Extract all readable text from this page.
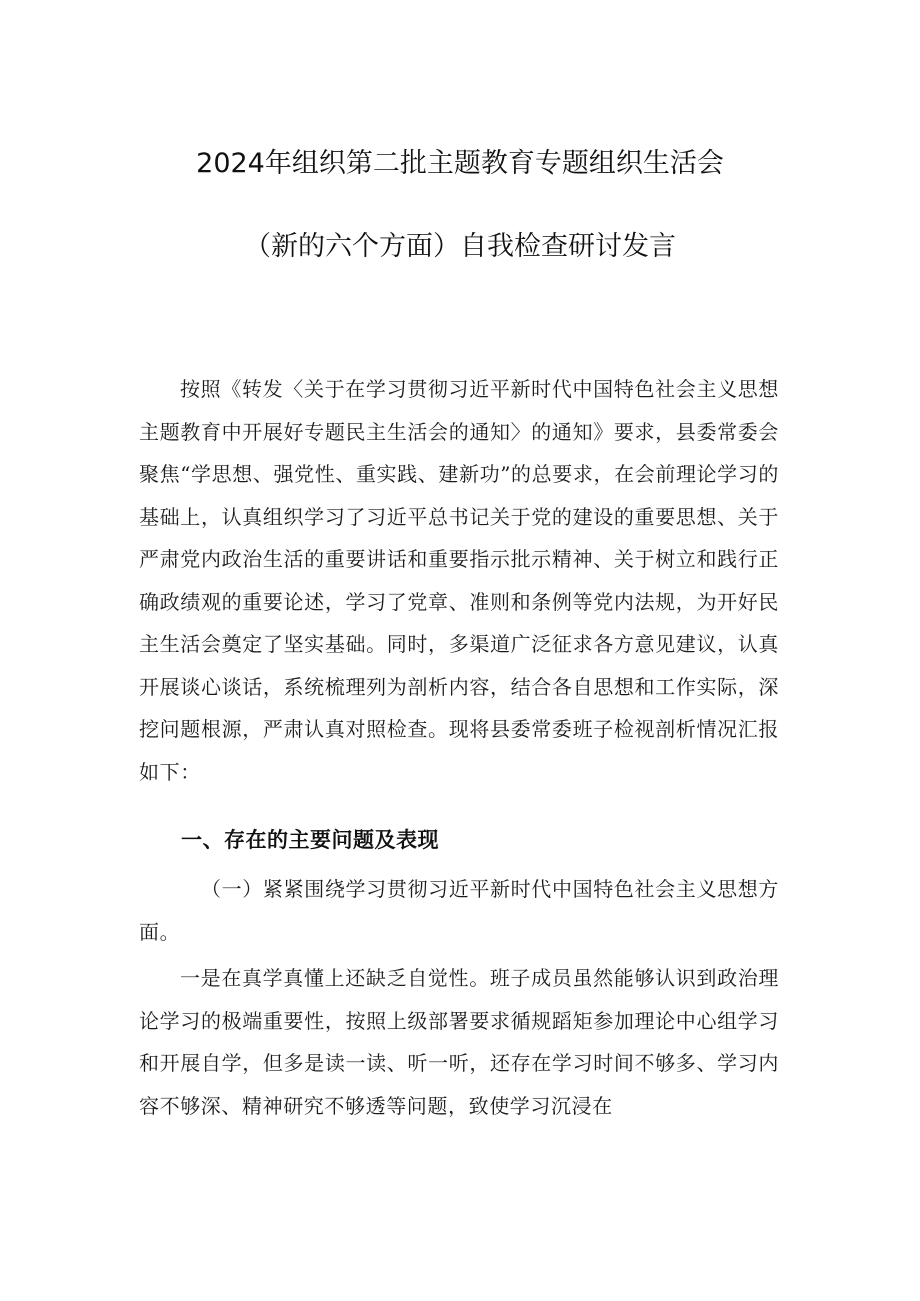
2024年组织第二批主题教育专题组织生活会
（新的六个方面）自我检查研讨发言

按照《转发〈关于在学习贯彻习近平新时代中国特色社会主义思想主题教育中开展好专题民主生活会的通知〉的通知》要求，县委常委会聚焦“学思想、强党性、重实践、建新功”的总要求，在会前理论学习的基础上，认真组织学习了习近平总书记关于党的建设的重要思想、关于严肃党内政治生活的重要讲话和重要指示批示精神、关于树立和践行正确政绩观的重要论述，学习了党章、准则和条例等党内法规，为开好民主生活会奠定了坚实基础。同时，多渠道广泛征求各方意见建议，认真开展谈心谈话，系统梳理列为剖析内容，结合各自思想和工作实际，深挖问题根源，严肃认真对照检查。现将县委常委班子检视剖析情况汇报如下：

一、存在的主要问题及表现

（一）紧紧围绕学习贯彻习近平新时代中国特色社会主义思想方面。

一是在真学真懂上还缺乏自觉性。班子成员虽然能够认识到政治理论学习的极端重要性，按照上级部署要求循规蹈矩参加理论中心组学习和开展自学，但多是读一读、听一听，还存在学习时间不够多、学习内容不够深、精神研究不够透等问题，致使学习沉浸在
